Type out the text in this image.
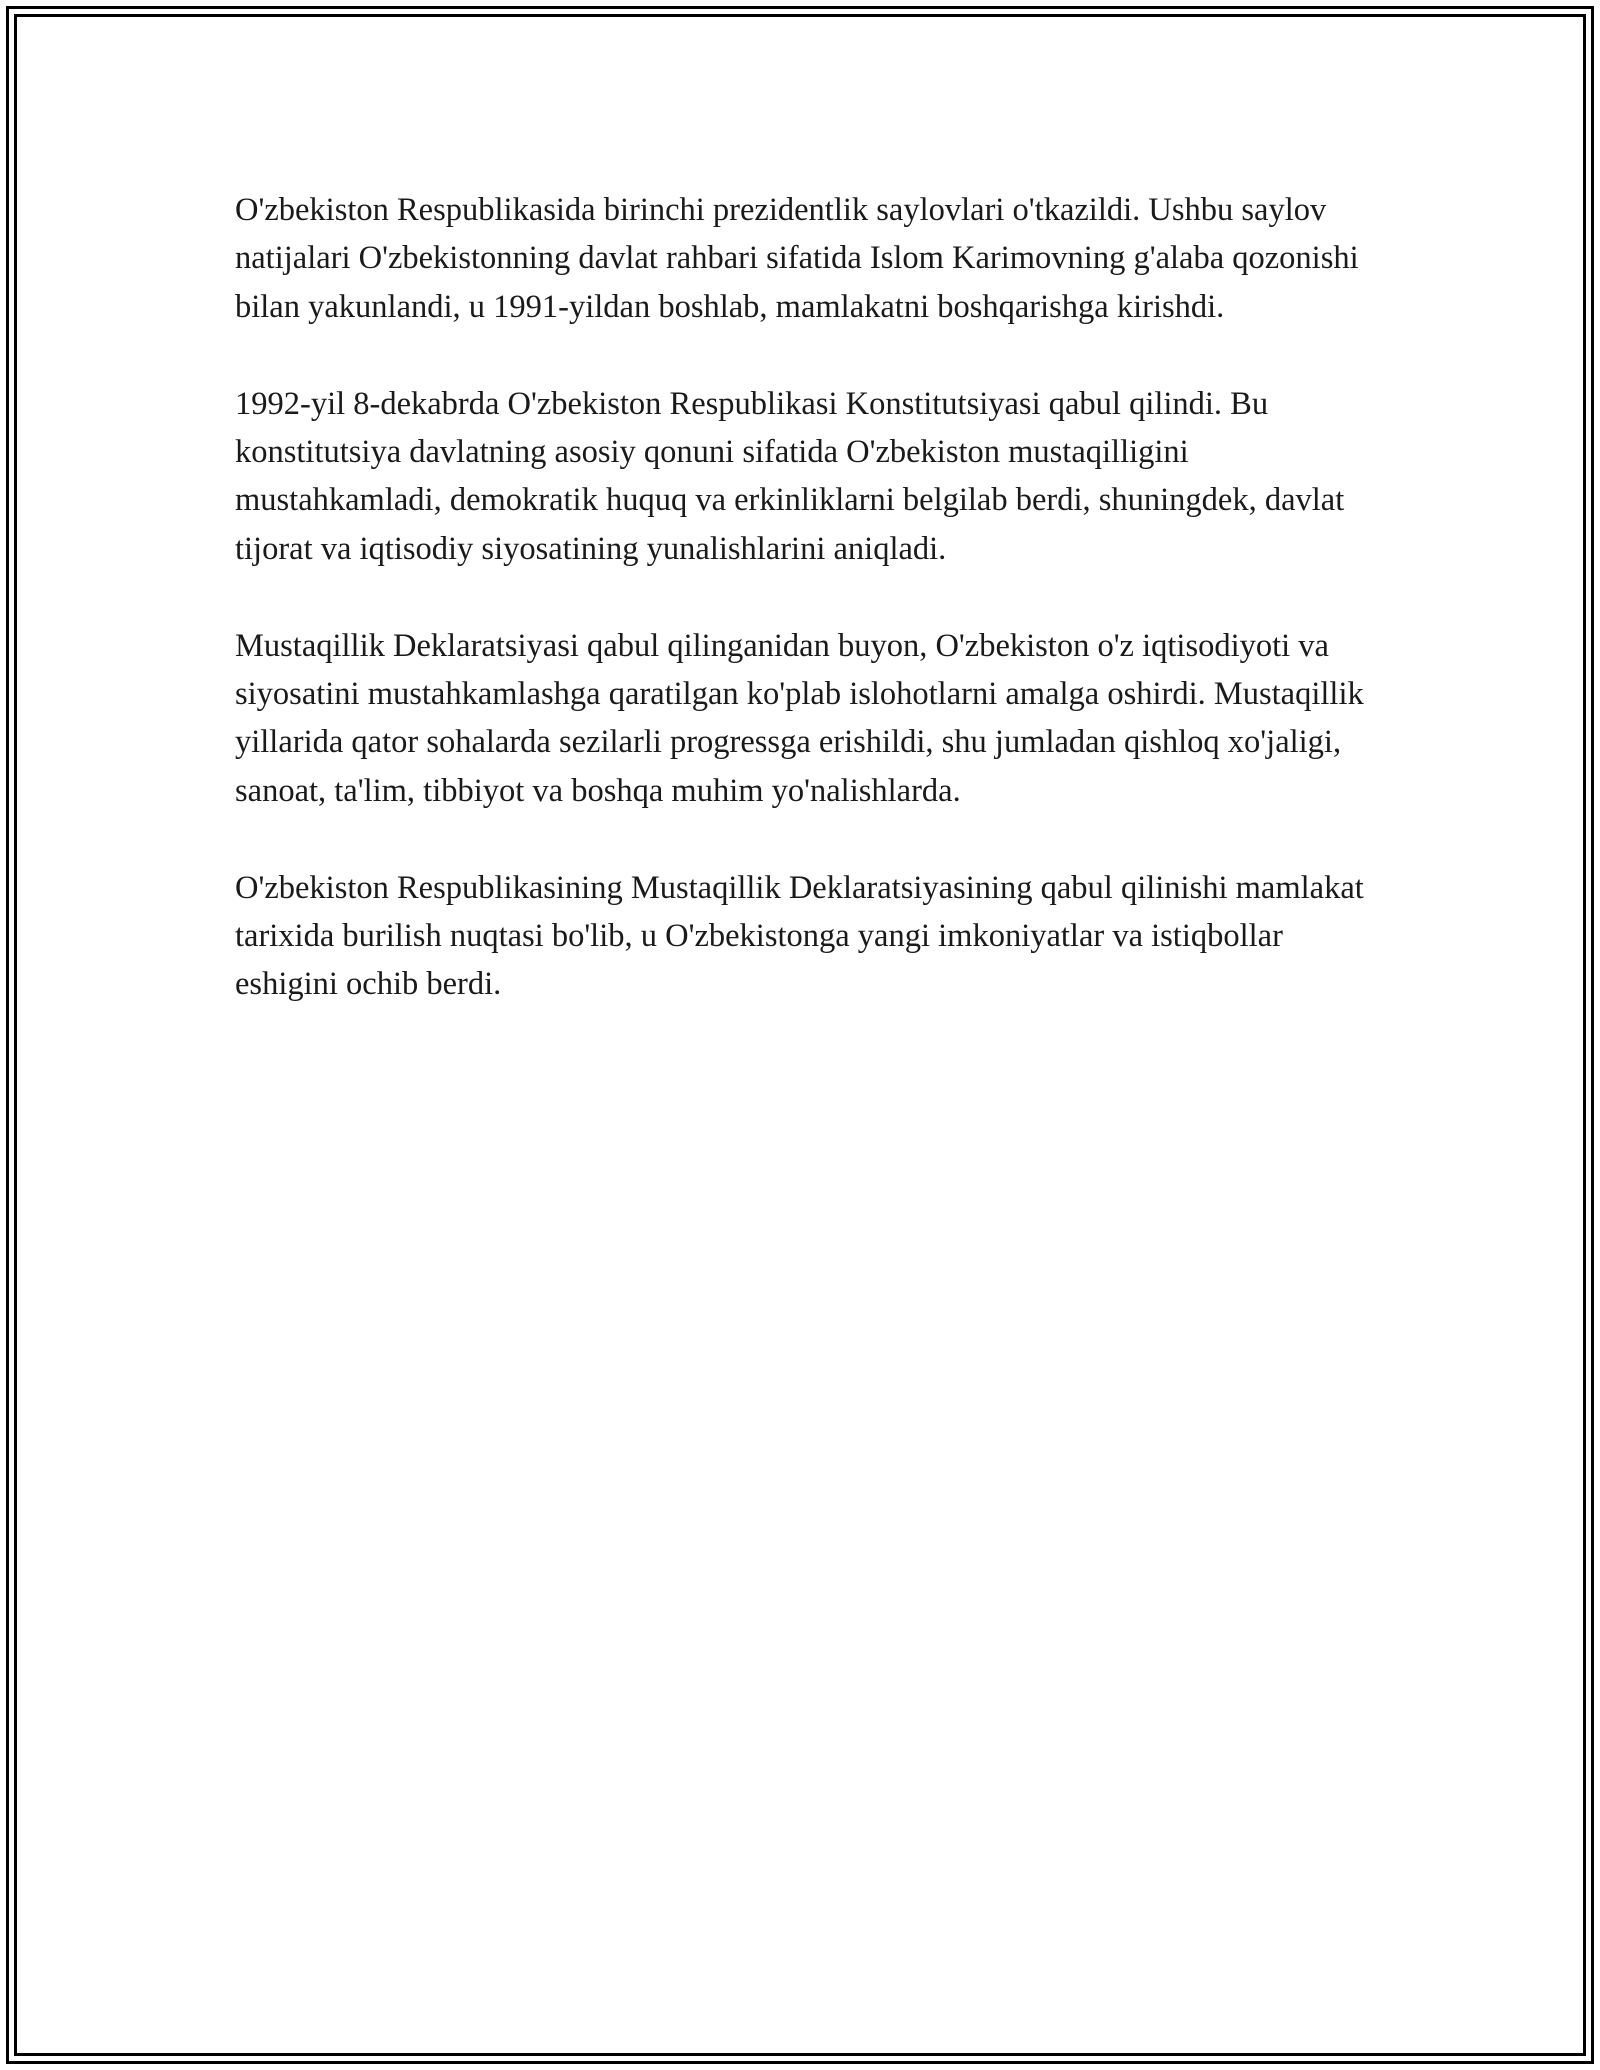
O'zbekiston Respublikasida birinchi prezidentlik saylovlari o'tkazildi. Ushbu saylov natijalari O'zbekistonning davlat rahbari sifatida Islom Karimovning g'alaba qozonishi bilan yakunlandi, u 1991-yildan boshlab, mamlakatni boshqarishga kirishdi.

1992-yil 8-dekabrda O'zbekiston Respublikasi Konstitutsiyasi qabul qilindi. Bu konstitutsiya davlatning asosiy qonuni sifatida O'zbekiston mustaqilligini mustahkamladi, demokratik huquq va erkinliklarni belgilab berdi, shuningdek, davlat tijorat va iqtisodiy siyosatining yunalishlarini aniqladi.

Mustaqillik Deklaratsiyasi qabul qilinganidan buyon, O'zbekiston o'z iqtisodiyoti va siyosatini mustahkamlashga qaratilgan ko'plab islohotlarni amalga oshirdi. Mustaqillik yillarida qator sohalarda sezilarli progressga erishildi, shu jumladan qishloq xo'jaligi, sanoat, ta'lim, tibbiyot va boshqa muhim yo'nalishlarda.

O'zbekiston Respublikasining Mustaqillik Deklaratsiyasining qabul qilinishi mamlakat tarixida burilish nuqtasi bo'lib, u O'zbekistonga yangi imkoniyatlar va istiqbollar eshigini ochib berdi.
